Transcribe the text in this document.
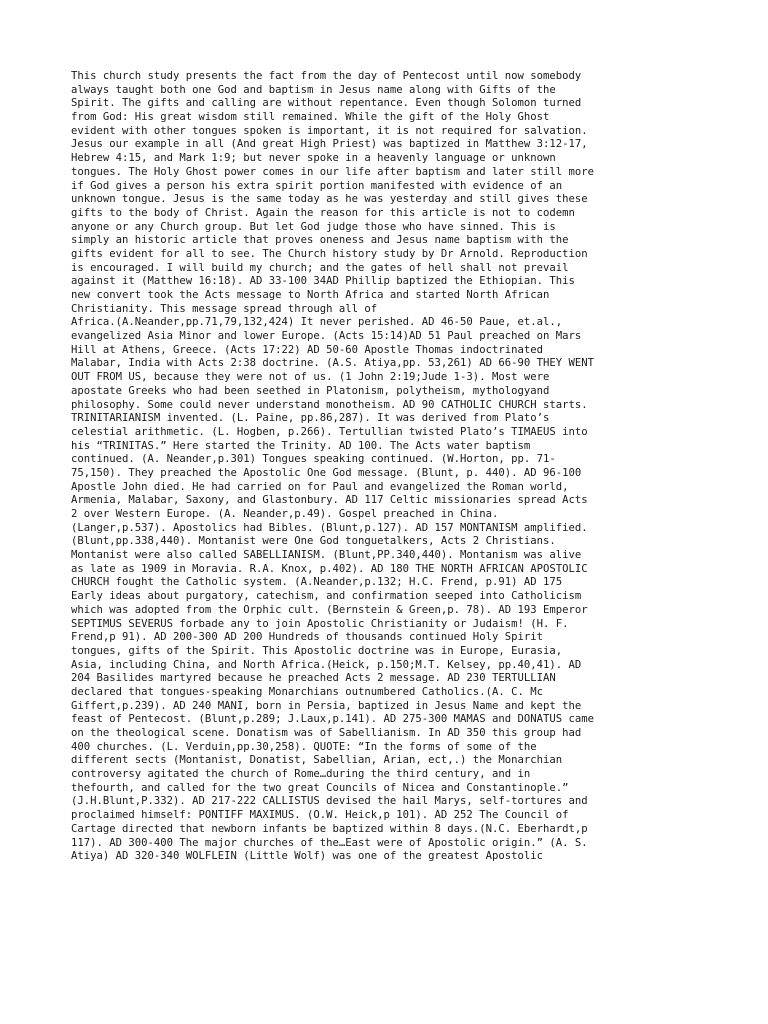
This church study presents the fact from the day of Pentecost until now somebody
always taught both one God and baptism in Jesus name along with Gifts of the
Spirit. The gifts and calling are without repentance. Even though Solomon turned
from God: His great wisdom still remained. While the gift of the Holy Ghost
evident with other tongues spoken is important, it is not required for salvation.
Jesus our example in all (And great High Priest) was baptized in Matthew 3:12-17,
Hebrew 4:15, and Mark 1:9; but never spoke in a heavenly language or unknown
tongues. The Holy Ghost power comes in our life after baptism and later still more
if God gives a person his extra spirit portion manifested with evidence of an
unknown tongue. Jesus is the same today as he was yesterday and still gives these
gifts to the body of Christ. Again the reason for this article is not to codemn
anyone or any Church group. But let God judge those who have sinned. This is
simply an historic article that proves oneness and Jesus name baptism with the
gifts evident for all to see. The Church history study by Dr Arnold. Reproduction
is encouraged. I will build my church; and the gates of hell shall not prevail
against it (Matthew 16:18). AD 33-100 34AD Phillip baptized the Ethiopian. This
new convert took the Acts message to North Africa and started North African
Christianity. This message spread through all of
Africa.(A.Neander,pp.71,79,132,424) It never perished. AD 46-50 Paue, et.al.,
evangelized Asia Minor and lower Europe. (Acts 15:14)AD 51 Paul preached on Mars
Hill at Athens, Greece. (Acts 17:22) AD 50-60 Apostle Thomas indoctrinated
Malabar, India with Acts 2:38 doctrine. (A.S. Atiya,pp. 53,261) AD 66-90 THEY WENT
OUT FROM US, because they were not of us. (1 John 2:19;Jude 1-3). Most were
apostate Greeks who had been seethed in Platonism, polytheism, mythologyand
philosophy. Some could never understand monotheism. AD 90 CATHOLIC CHURCH starts.
TRINITARIANISM invented. (L. Paine, pp.86,287). It was derived from Plato’s
celestial arithmetic. (L. Hogben, p.266). Tertullian twisted Plato’s TIMAEUS into
his “TRINITAS.” Here started the Trinity. AD 100. The Acts water baptism
continued. (A. Neander,p.301) Tongues speaking continued. (W.Horton, pp. 71-
75,150). They preached the Apostolic One God message. (Blunt, p. 440). AD 96-100
Apostle John died. He had carried on for Paul and evangelized the Roman world,
Armenia, Malabar, Saxony, and Glastonbury. AD 117 Celtic missionaries spread Acts
2 over Western Europe. (A. Neander,p.49). Gospel preached in China.
(Langer,p.537). Apostolics had Bibles. (Blunt,p.127). AD 157 MONTANISM amplified.
(Blunt,pp.338,440). Montanist were One God tonguetalkers, Acts 2 Christians.
Montanist were also called SABELLIANISM. (Blunt,PP.340,440). Montanism was alive
as late as 1909 in Moravia. R.A. Knox, p.402). AD 180 THE NORTH AFRICAN APOSTOLIC
CHURCH fought the Catholic system. (A.Neander,p.132; H.C. Frend, p.91) AD 175
Early ideas about purgatory, catechism, and confirmation seeped into Catholicism
which was adopted from the Orphic cult. (Bernstein & Green,p. 78). AD 193 Emperor
SEPTIMUS SEVERUS forbade any to join Apostolic Christianity or Judaism! (H. F.
Frend,p 91). AD 200-300 AD 200 Hundreds of thousands continued Holy Spirit
tongues, gifts of the Spirit. This Apostolic doctrine was in Europe, Eurasia,
Asia, including China, and North Africa.(Heick, p.150;M.T. Kelsey, pp.40,41). AD
204 Basilides martyred because he preached Acts 2 message. AD 230 TERTULLIAN
declared that tongues-speaking Monarchians outnumbered Catholics.(A. C. Mc
Giffert,p.239). AD 240 MANI, born in Persia, baptized in Jesus Name and kept the
feast of Pentecost. (Blunt,p.289; J.Laux,p.141). AD 275-300 MAMAS and DONATUS came
on the theological scene. Donatism was of Sabellianism. In AD 350 this group had
400 churches. (L. Verduin,pp.30,258). QUOTE: “In the forms of some of the
different sects (Montanist, Donatist, Sabellian, Arian, ect,.) the Monarchian
controversy agitated the church of Rome…during the third century, and in
thefourth, and called for the two great Councils of Nicea and Constantinople.”
(J.H.Blunt,P.332). AD 217-222 CALLISTUS devised the hail Marys, self-tortures and
proclaimed himself: PONTIFF MAXIMUS. (O.W. Heick,p 101). AD 252 The Council of
Cartage directed that newborn infants be baptized within 8 days.(N.C. Eberhardt,p
117). AD 300-400 The major churches of the…East were of Apostolic origin.” (A. S.
Atiya) AD 320-340 WOLFLEIN (Little Wolf) was one of the greatest Apostolic
